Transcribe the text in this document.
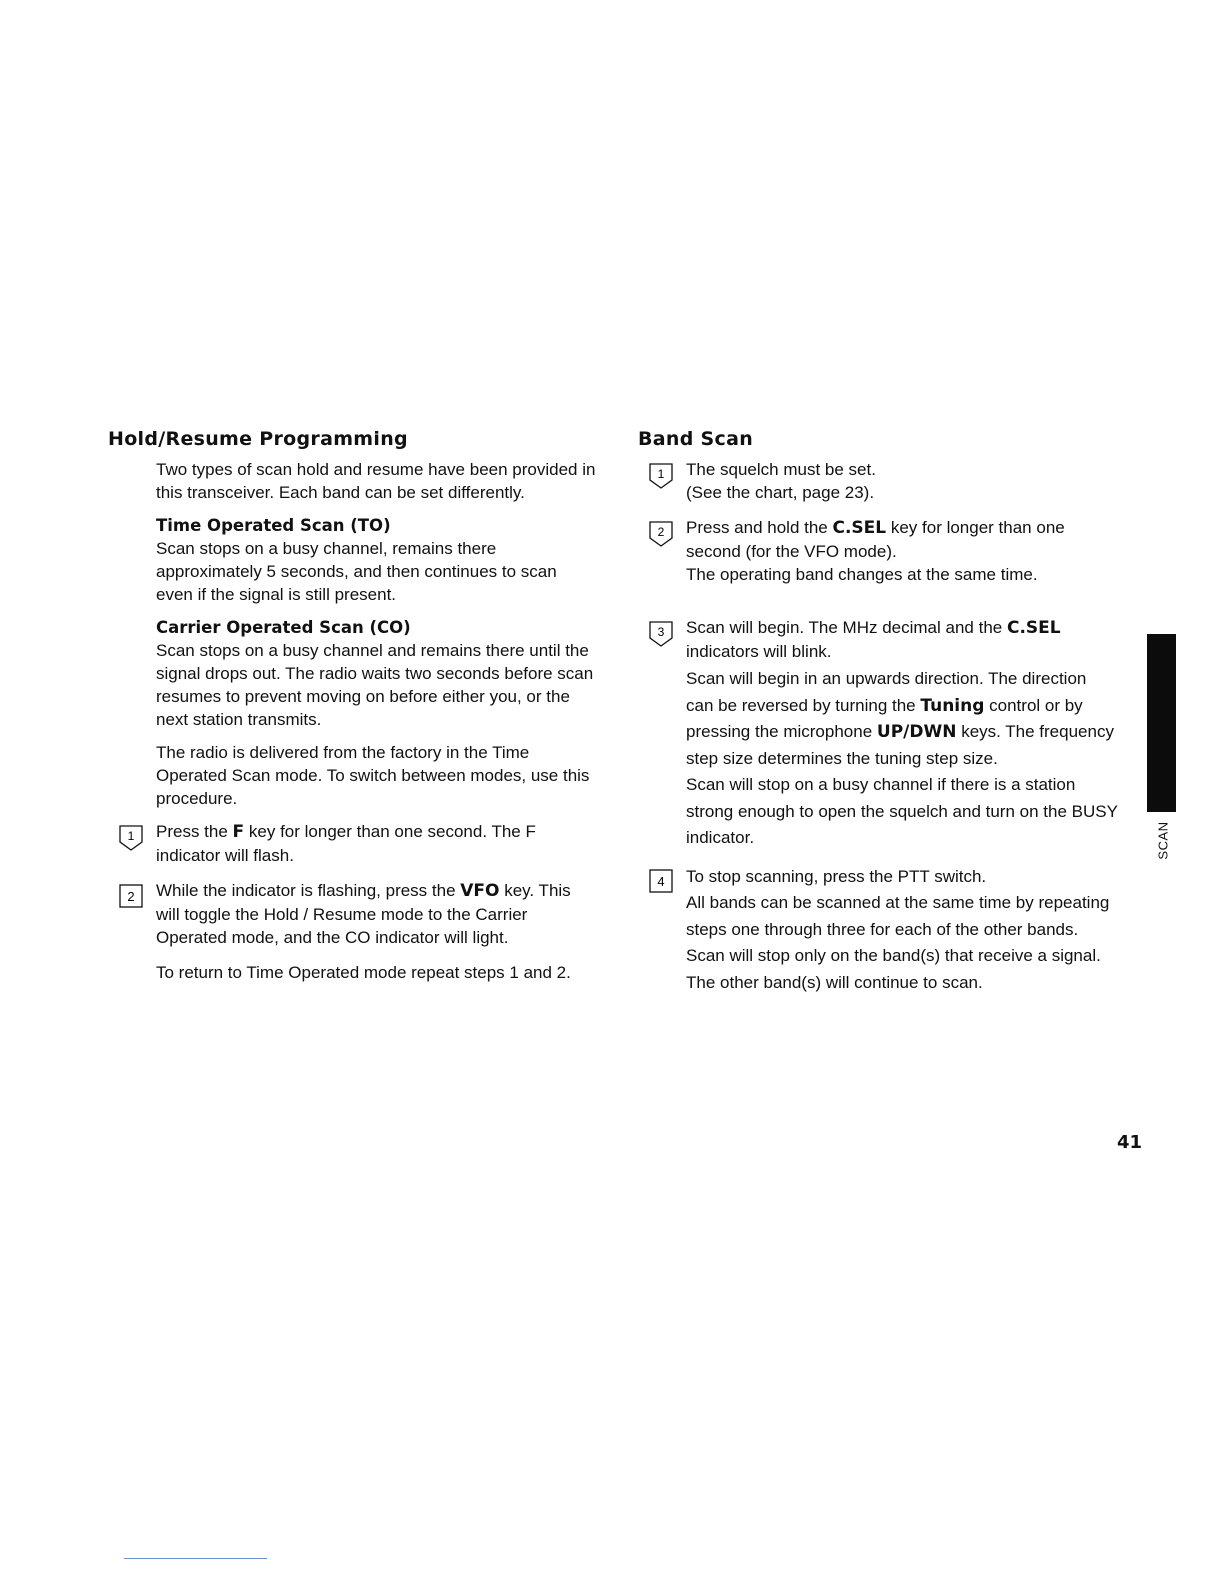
Hold/Resume Programming

Two types of scan hold and resume have been provided in this transceiver. Each band can be set differently.

Time Operated Scan (TO)

Scan stops on a busy channel, remains there approximately 5 seconds, and then continues to scan even if the signal is still present.

Carrier Operated Scan (CO)

Scan stops on a busy channel and remains there until the signal drops out. The radio waits two seconds before scan resumes to prevent moving on before either you, or the next station transmits.

The radio is delivered from the factory in the Time Operated Scan mode. To switch between modes, use this procedure.

1 Press the F key for longer than one second. The F indicator will flash.
2 While the indicator is flashing, press the VFO key. This will toggle the Hold / Resume mode to the Carrier Operated mode, and the CO indicator will light.

To return to Time Operated mode repeat steps 1 and 2.

Band Scan
1 The squelch must be set.
(See the chart, page 23).
2 Press and hold the C.SEL key for longer than one second (for the VFO mode).
The operating band changes at the same time.
3 Scan will begin. The MHz decimal and the C.SEL indicators will blink.

Scan will begin in an upwards direction. The direction can be reversed by turning the Tuning control or by pressing the microphone UP/DWN keys. The frequency step size determines the tuning step size.

Scan will stop on a busy channel if there is a station strong enough to open the squelch and turn on the BUSY indicator.

4 To stop scanning, press the PTT switch.
All bands can be scanned at the same time by repeating steps one through three for each of the other bands. Scan will stop only on the band(s) that receive a signal. The other band(s) will continue to scan.
SCAN
41
